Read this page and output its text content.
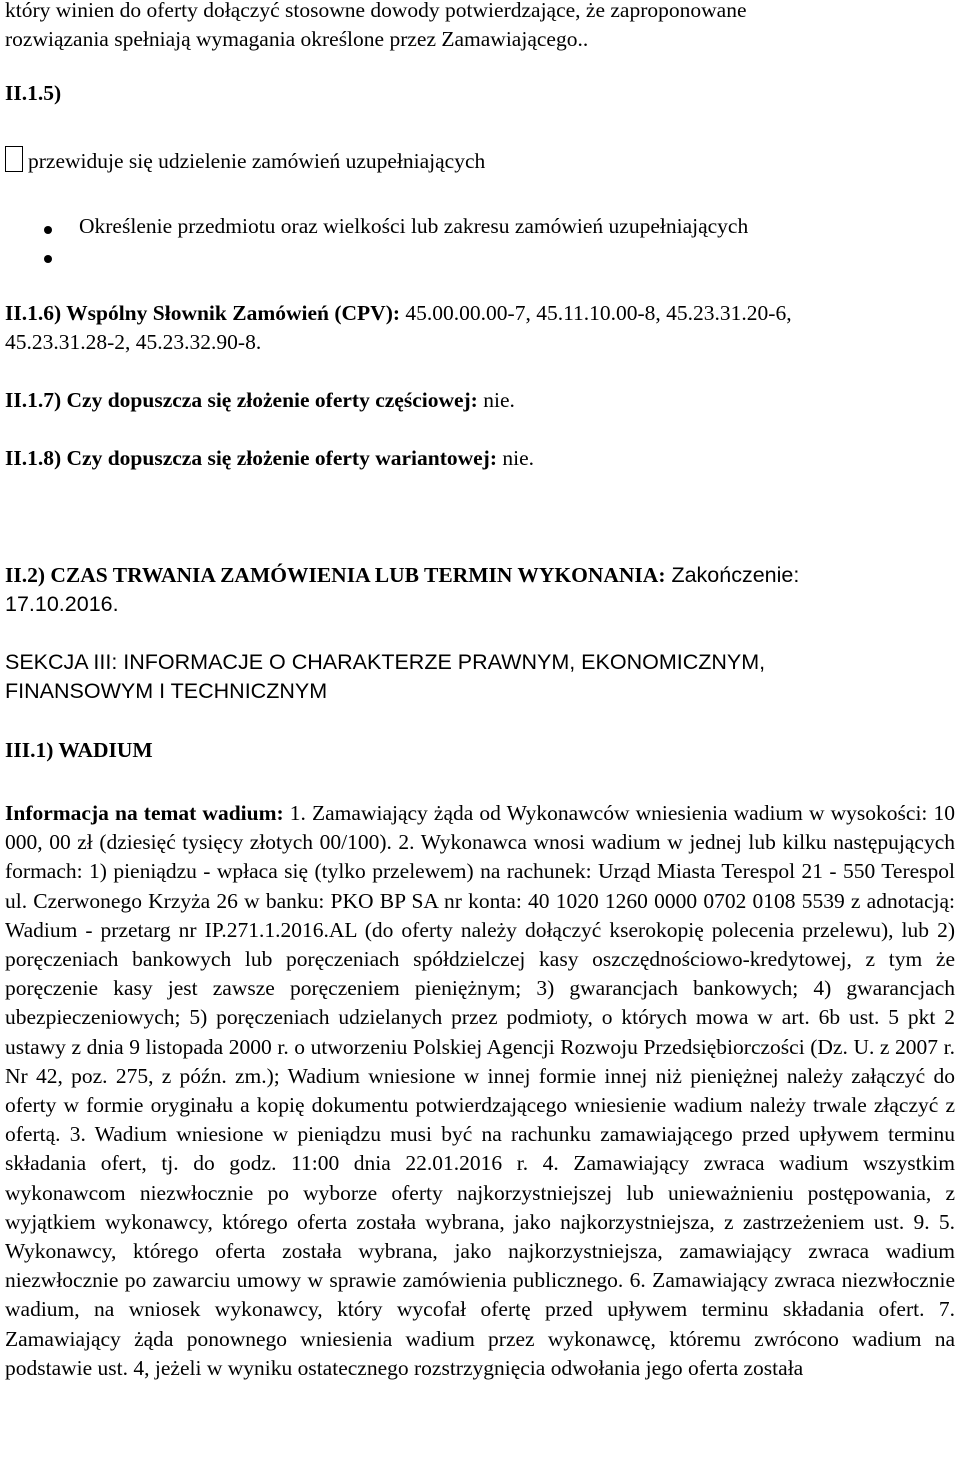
który winien do oferty dołączyć stosowne dowody potwierdzające, że zaproponowane
rozwiązania spełniają wymagania określone przez Zamawiającego..
II.1.5)
przewiduje się udzielenie zamówień uzupełniających
Określenie przedmiotu oraz wielkości lub zakresu zamówień uzupełniających
II.1.6) Wspólny Słownik Zamówień (CPV): 45.00.00.00-7, 45.11.10.00-8, 45.23.31.20-6,
45.23.31.28-2, 45.23.32.90-8.
II.1.7) Czy dopuszcza się złożenie oferty częściowej: nie.
II.1.8) Czy dopuszcza się złożenie oferty wariantowej: nie.
II.2) CZAS TRWANIA ZAMÓWIENIA LUB TERMIN WYKONANIA: Zakończenie:
17.10.2016.
SEKCJA III: INFORMACJE O CHARAKTERZE PRAWNYM, EKONOMICZNYM,
FINANSOWYM I TECHNICZNYM
III.1) WADIUM
Informacja na temat wadium: 1. Zamawiający żąda od Wykonawców wniesienia wadium w wysokości: 10 000, 00 zł (dziesięć tysięcy złotych 00/100). 2. Wykonawca wnosi wadium w jednej lub kilku następujących formach: 1) pieniądzu - wpłaca się (tylko przelewem) na rachunek: Urząd Miasta Terespol 21 - 550 Terespol ul. Czerwonego Krzyża 26 w banku: PKO BP SA nr konta: 40 1020 1260 0000 0702 0108 5539 z adnotacją: Wadium - przetarg nr IP.271.1.2016.AL (do oferty należy dołączyć kserokopię polecenia przelewu), lub 2) poręczeniach bankowych lub poręczeniach spółdzielczej kasy oszczędnościowo-kredytowej, z tym że poręczenie kasy jest zawsze poręczeniem pieniężnym; 3) gwarancjach bankowych; 4) gwarancjach ubezpieczeniowych; 5) poręczeniach udzielanych przez podmioty, o których mowa w art. 6b ust. 5 pkt 2 ustawy z dnia 9 listopada 2000 r. o utworzeniu Polskiej Agencji Rozwoju Przedsiębiorczości (Dz. U. z 2007 r. Nr 42, poz. 275, z późn. zm.); Wadium wniesione w innej formie innej niż pieniężnej należy załączyć do oferty w formie oryginału a kopię dokumentu potwierdzającego wniesienie wadium należy trwale złączyć z ofertą. 3. Wadium wniesione w pieniądzu musi być na rachunku zamawiającego przed upływem terminu składania ofert, tj. do godz. 11:00 dnia 22.01.2016 r. 4. Zamawiający zwraca wadium wszystkim wykonawcom niezwłocznie po wyborze oferty najkorzystniejszej lub unieważnieniu postępowania, z wyjątkiem wykonawcy, którego oferta została wybrana, jako najkorzystniejsza, z zastrzeżeniem ust. 9. 5. Wykonawcy, którego oferta została wybrana, jako najkorzystniejsza, zamawiający zwraca wadium niezwłocznie po zawarciu umowy w sprawie zamówienia publicznego. 6. Zamawiający zwraca niezwłocznie wadium, na wniosek wykonawcy, który wycofał ofertę przed upływem terminu składania ofert. 7. Zamawiający żąda ponownego wniesienia wadium przez wykonawcę, któremu zwrócono wadium na podstawie ust. 4, jeżeli w wyniku ostatecznego rozstrzygnięcia odwołania jego oferta została
